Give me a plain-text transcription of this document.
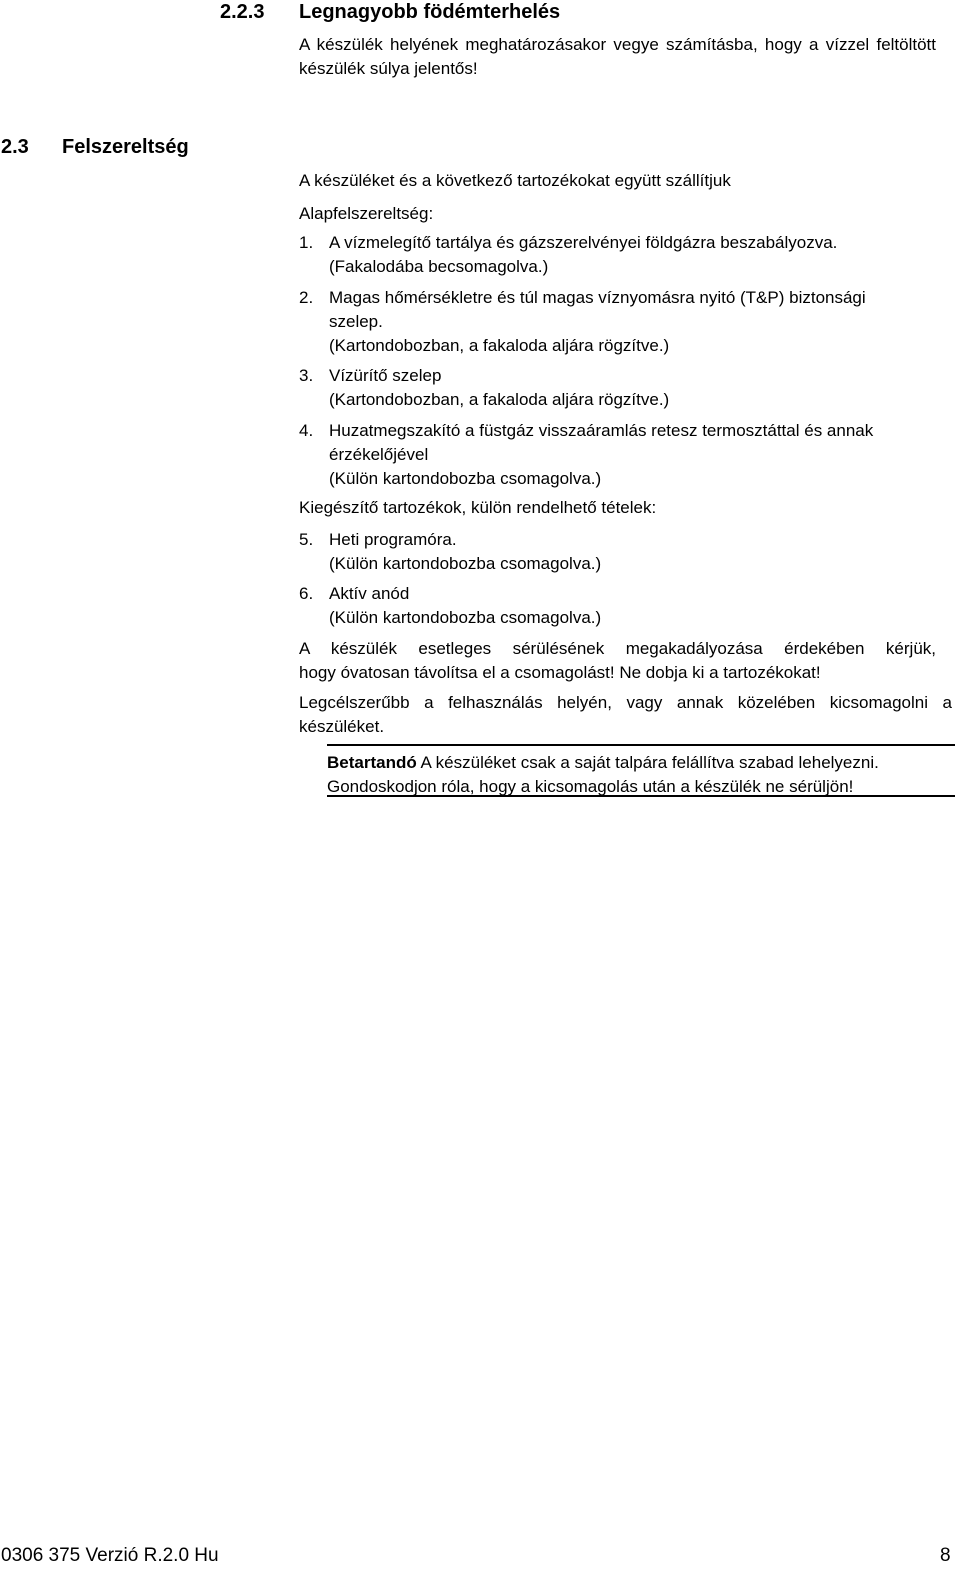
2.2.3 Legnagyobb födémterhelés
A készülék helyének meghatározásakor vegye számításba, hogy a vízzel feltöltött készülék súlya jelentős!
2.3 Felszereltség
A készüléket és a következő tartozékokat együtt szállítjuk
Alapfelszereltség:
1. A vízmelegítő tartálya és gázszerelvényei földgázra beszabályozva.
(Fakalodába becsomagolva.)
2. Magas hőmérsékletre és túl magas víznyomásra nyitó (T&P) biztonsági
szelep.
(Kartondobozban, a fakaloda aljára rögzítve.)
3. Vízürítő szelep
(Kartondobozban, a fakaloda aljára rögzítve.)
4. Huzatmegszakító a füstgáz visszaáramlás retesz termosztáttal és annak
érzékelőjével
(Külön kartondobozba csomagolva.)
Kiegészítő tartozékok, külön rendelhető tételek:
5. Heti programóra.
(Külön kartondobozba csomagolva.)
6. Aktív anód
(Külön kartondobozba csomagolva.)
A készülék esetleges sérülésének megakadályozása érdekében kérjük,
hogy óvatosan távolítsa el a csomagolást! Ne dobja ki a tartozékokat!
Legcélszerűbb a felhasználás helyén, vagy annak közelében kicsomagolni a
készüléket.
Betartandó A készüléket csak a saját talpára felállítva szabad lehelyezni.
Gondoskodjon róla, hogy a kicsomagolás után a készülék ne sérüljön!
0306 375 Verzió R.2.0 Hu	8
